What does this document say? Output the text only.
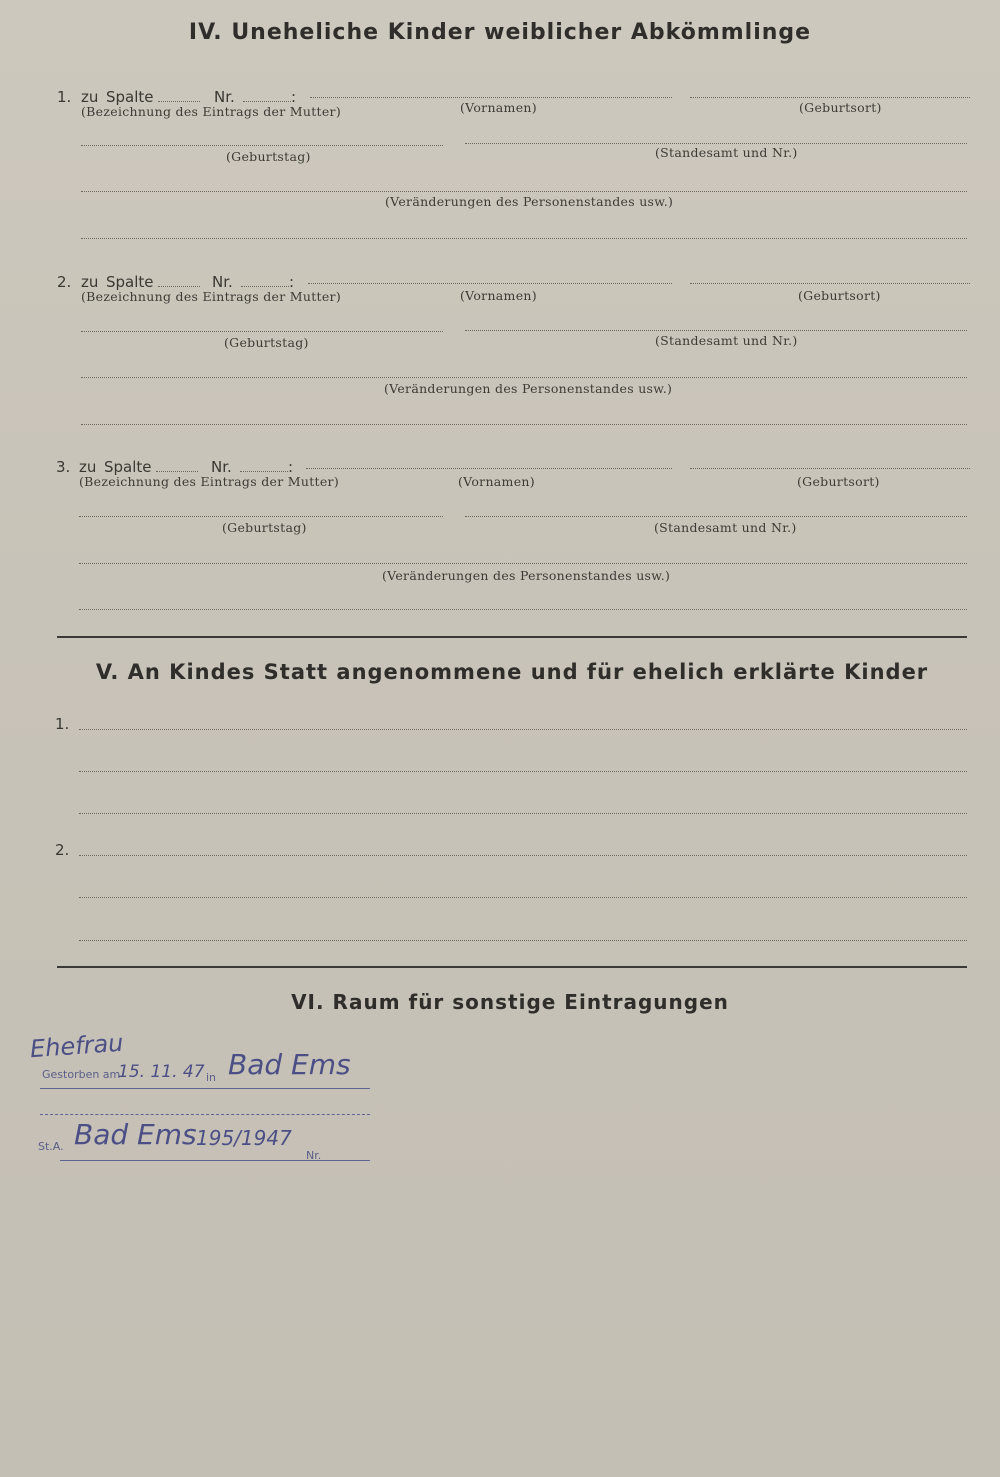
IV. Uneheliche Kinder weiblicher Abkömmlinge
1. zu Spalte	Nr.	:
(Bezeichnung des Eintrags der Mutter)	(Vornamen)	(Geburtsort)
(Geburtstag)	(Standesamt und Nr.)
(Veränderungen des Personenstandes usw.)
2. zu Spalte	Nr.	:
(Bezeichnung des Eintrags der Mutter)	(Vornamen)	(Geburtsort)
(Geburtstag)	(Standesamt und Nr.)
(Veränderungen des Personenstandes usw.)
3. zu Spalte	Nr.	:
(Bezeichnung des Eintrags der Mutter)	(Vornamen)	(Geburtsort)
(Geburtstag)	(Standesamt und Nr.)
(Veränderungen des Personenstandes usw.)
V. An Kindes Statt angenommene und für ehelich erklärte Kinder
1.
2.
VI. Raum für sonstige Eintragungen
Ehefrau
Gestorben am
15. 11. 47 in Bad Ems
St.A. Bad Ems 195/1947
Nr.
